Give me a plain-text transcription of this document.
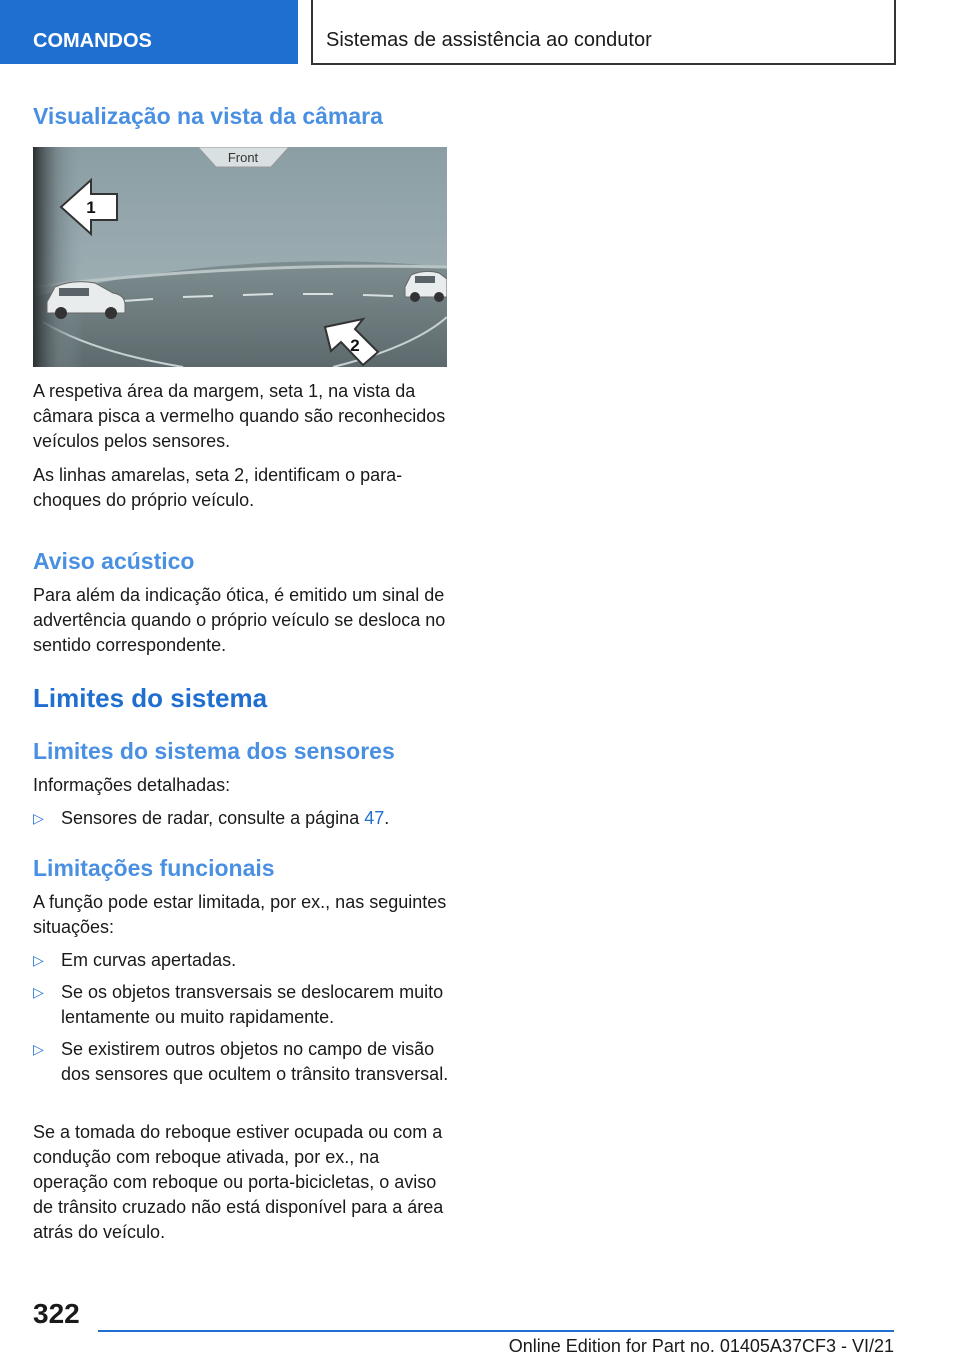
COMANDOS	Sistemas de assistência ao condutor
Visualização na vista da câmara
Front
1
2
A respetiva área da margem, seta 1, na vista da câmara pisca a vermelho quando são reconhecidos veículos pelos sensores.
As linhas amarelas, seta 2, identificam o para-choques do próprio veículo.
Aviso acústico
Para além da indicação ótica, é emitido um sinal de advertência quando o próprio veículo se desloca no sentido correspondente.
Limites do sistema
Limites do sistema dos sensores
Informações detalhadas:
▷ Sensores de radar, consulte a página 47.
Limitações funcionais
A função pode estar limitada, por ex., nas seguintes situações:
▷ Em curvas apertadas.
▷ Se os objetos transversais se deslocarem muito lentamente ou muito rapidamente.
▷ Se existirem outros objetos no campo de visão dos sensores que ocultem o trânsito transversal.
Se a tomada do reboque estiver ocupada ou com a condução com reboque ativada, por ex., na operação com reboque ou porta-bicicletas, o aviso de trânsito cruzado não está disponível para a área atrás do veículo.
322
Online Edition for Part no. 01405A37CF3 - VI/21
